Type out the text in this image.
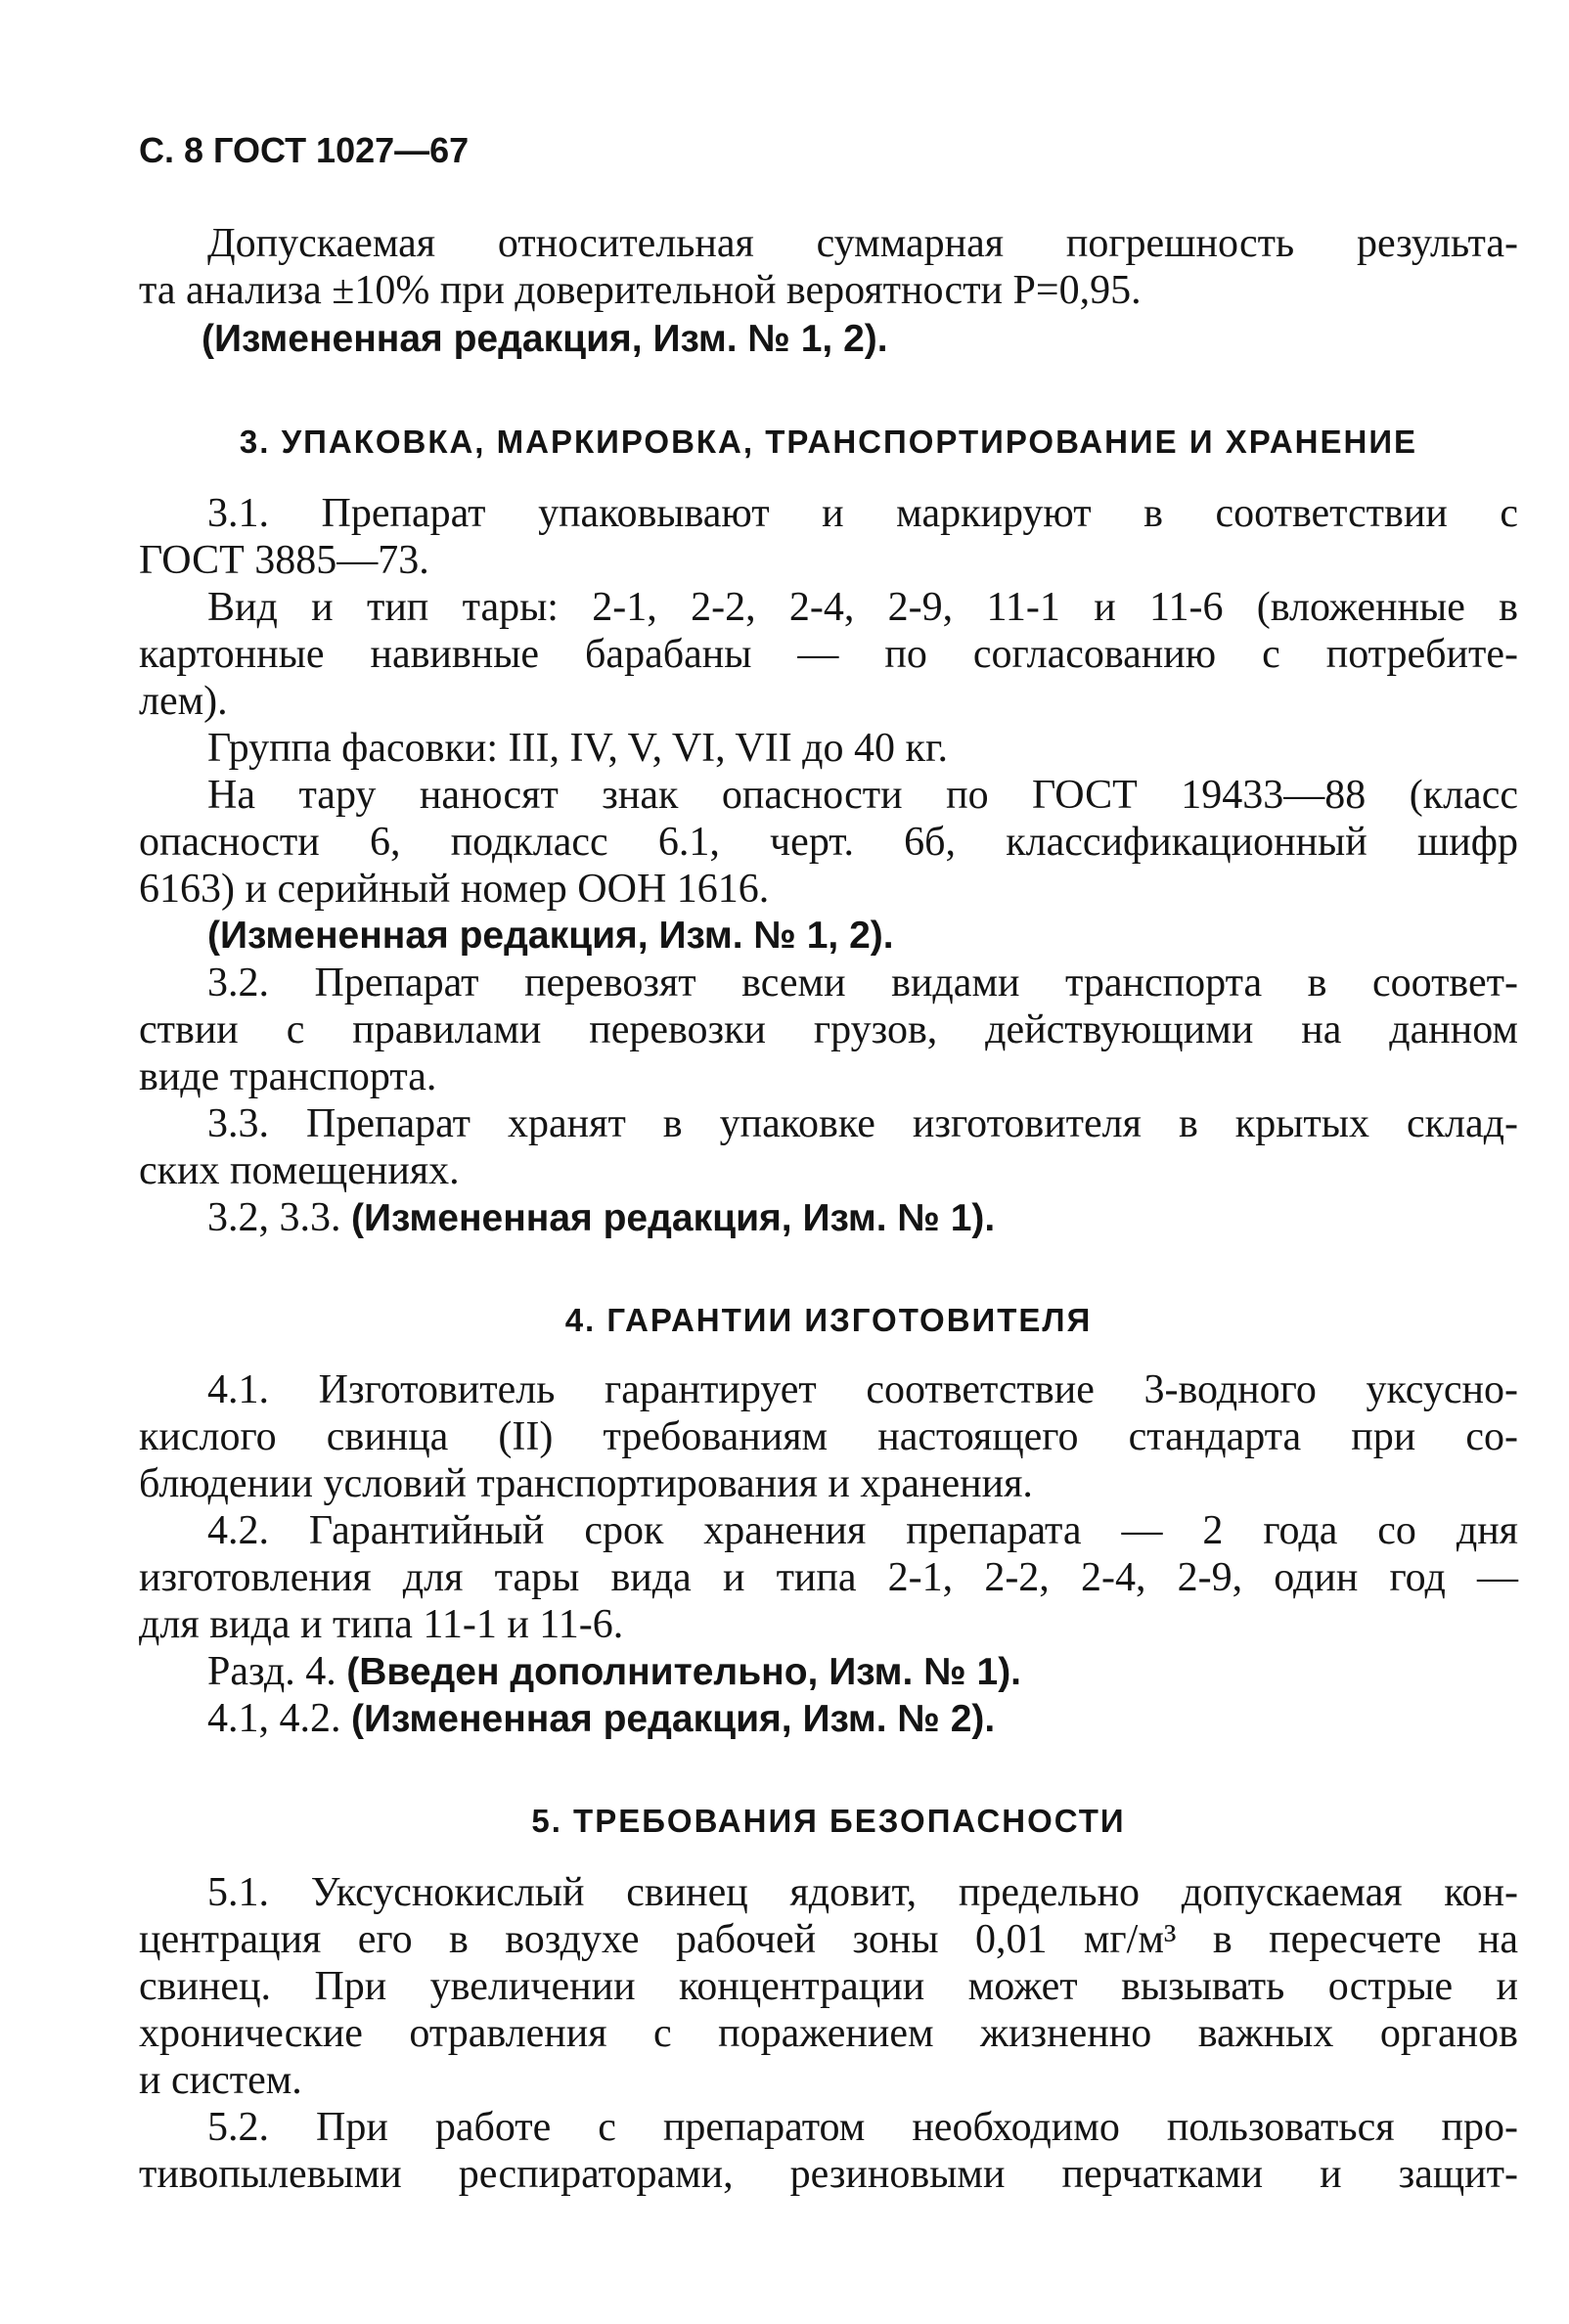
С. 8 ГОСТ 1027—67
Допускаемая относительная суммарная погрешность результа-
та анализа ±10% при доверительной вероятности P=0,95.
(Измененная редакция, Изм. № 1, 2).
3. УПАКОВКА, МАРКИРОВКА, ТРАНСПОРТИРОВАНИЕ И ХРАНЕНИЕ
3.1. Препарат упаковывают и маркируют в соответствии с
ГОСТ 3885—73.
Вид и тип тары: 2-1, 2-2, 2-4, 2-9, 11-1 и 11-6 (вложенные в
картонные навивные барабаны — по согласованию с потребите-
лем).
Группа фасовки: III, IV, V, VI, VII до 40 кг.
На тару наносят знак опасности по ГОСТ 19433—88 (класс
опасности 6, подкласс 6.1, черт. 6б, классификационный шифр
6163) и серийный номер ООН 1616.
(Измененная редакция, Изм. № 1, 2).
3.2. Препарат перевозят всеми видами транспорта в соответ-
ствии с правилами перевозки грузов, действующими на данном
виде транспорта.
3.3. Препарат хранят в упаковке изготовителя в крытых склад-
ских помещениях.
3.2, 3.3. (Измененная редакция, Изм. № 1).
4. ГАРАНТИИ ИЗГОТОВИТЕЛЯ
4.1. Изготовитель гарантирует соответствие 3-водного уксусно-
кислого свинца (II) требованиям настоящего стандарта при со-
блюдении условий транспортирования и хранения.
4.2. Гарантийный срок хранения препарата — 2 года со дня
изготовления для тары вида и типа 2-1, 2-2, 2-4, 2-9, один год —
для вида и типа 11-1 и 11-6.
Разд. 4. (Введен дополнительно, Изм. № 1).
4.1, 4.2. (Измененная редакция, Изм. № 2).
5. ТРЕБОВАНИЯ БЕЗОПАСНОСТИ
5.1. Уксуснокислый свинец ядовит, предельно допускаемая кон-
центрация его в воздухе рабочей зоны 0,01 мг/м³ в пересчете на
свинец. При увеличении концентрации может вызывать острые и
хронические отравления с поражением жизненно важных органов
и систем.
5.2. При работе с препаратом необходимо пользоваться про-
тивопылевыми респираторами, резиновыми перчатками и защит-
